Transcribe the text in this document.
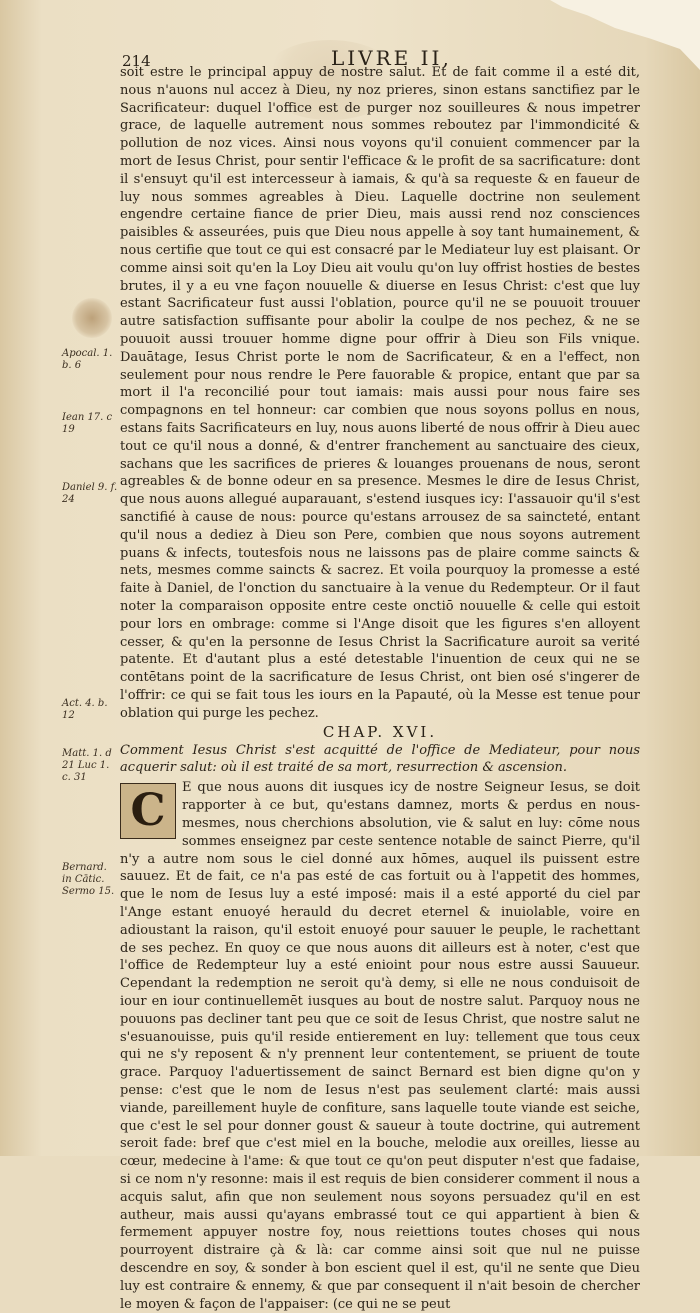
214	LIVRE II,
Apocal. 1. b. 6
Iean 17. c 19
Daniel 9. f. 24
Act. 4. b. 12
Matt. 1. d 21 Luc 1. c. 31
Bernard. in Cātic. Sermo 15.

soit estre le principal appuy de nostre salut. Et de fait comme il a esté dit, nous n'auons nul accez à Dieu, ny noz prieres, sinon estans sanctifiez par le Sacrificateur: duquel l'office est de purger noz souilleures & nous impetrer grace, de laquelle autrement nous sommes reboutez par l'immondicité & pollution de noz vices. Ainsi nous voyons qu'il conuient commencer par la mort de Iesus Christ, pour sentir l'efficace & le profit de sa sacrificature: dont il s'ensuyt qu'il est intercesseur à iamais, & qu'à sa requeste & en faueur de luy nous sommes agreables à Dieu. Laquelle doctrine non seulement engendre certaine fiance de prier Dieu, mais aussi rend noz consciences paisibles & asseurées, puis que Dieu nous appelle à soy tant humainement, & nous certifie que tout ce qui est consacré par le Mediateur luy est plaisant. Or comme ainsi soit qu'en la Loy Dieu ait voulu qu'on luy offrist hosties de bestes brutes, il y a eu vne façon nouuelle & diuerse en Iesus Christ: c'est que luy estant Sacrificateur fust aussi l'oblation, pource qu'il ne se pouuoit trouuer autre satisfaction suffisante pour abolir la coulpe de nos pechez, & ne se pouuoit aussi trouuer homme digne pour offrir à Dieu son Fils vnique. Dauātage, Iesus Christ porte le nom de Sacrificateur, & en a l'effect, non seulement pour nous rendre le Pere fauorable & propice, entant que par sa mort il l'a reconcilié pour tout iamais: mais aussi pour nous faire ses compagnons en tel honneur: car combien que nous soyons pollus en nous, estans faits Sacrificateurs en luy, nous auons liberté de nous offrir à Dieu auec tout ce qu'il nous a donné, & d'entrer franchement au sanctuaire des cieux, sachans que les sacrifices de prieres & louanges prouenans de nous, seront agreables & de bonne odeur en sa presence. Mesmes le dire de Iesus Christ, que nous auons allegué auparauant, s'estend iusques icy: I'assauoir qu'il s'est sanctifié à cause de nous: pource qu'estans arrousez de sa saincteté, entant qu'il nous a dediez à Dieu son Pere, combien que nous soyons autrement puans & infects, toutesfois nous ne laissons pas de plaire comme saincts & nets, mesmes comme saincts & sacrez. Et voila pourquoy la promesse a esté faite à Daniel, de l'onction du sanctuaire à la venue du Redempteur. Or il faut noter la comparaison opposite entre ceste onctiō nouuelle & celle qui estoit pour lors en ombrage: comme si l'Ange disoit que les figures s'en alloyent cesser, & qu'en la personne de Iesus Christ la Sacrificature auroit sa verité patente. Et d'autant plus a esté detestable l'inuention de ceux qui ne se contētans point de la sacrificature de Iesus Christ, ont bien osé s'ingerer de l'offrir: ce qui se fait tous les iours en la Papauté, où la Messe est tenue pour oblation qui purge les pechez.

CHAP. XVI.
Comment Iesus Christ s'est acquitté de l'office de Mediateur, pour nous acquerir salut: où il est traité de sa mort, resurrection & ascension.
C	E que nous auons dit iusques icy de nostre Seigneur Iesus, se doit rapporter à ce but, qu'estans damnez, morts & perdus en nous-mesmes, nous cherchions absolution, vie & salut en luy: cōme nous sommes enseignez par ceste sentence notable de sainct Pierre, qu'il n'y a autre nom sous le ciel donné aux hōmes, auquel ils puissent estre sauuez. Et de fait, ce n'a pas esté de cas fortuit ou à l'appetit des hommes, que le nom de Iesus luy a esté imposé: mais il a esté apporté du ciel par l'Ange estant enuoyé herauld du decret eternel & inuiolable, voire en adioustant la raison, qu'il estoit enuoyé pour sauuer le peuple, le rachettant de ses pechez. En quoy ce que nous auons dit ailleurs est à noter, c'est que l'office de Redempteur luy a esté enioint pour nous estre aussi Sauueur. Cependant la redemption ne seroit qu'à demy, si elle ne nous conduisoit de iour en iour continuellemēt iusques au bout de nostre salut. Parquoy nous ne pouuons pas decliner tant peu que ce soit de Iesus Christ, que nostre salut ne s'esuanouisse, puis qu'il reside entierement en luy: tellement que tous ceux qui ne s'y reposent & n'y prennent leur contentement, se priuent de toute grace. Parquoy l'aduertissement de sainct Bernard est bien digne qu'on y pense: c'est que le nom de Iesus n'est pas seulement clarté: mais aussi viande, pareillement huyle de confiture, sans laquelle toute viande est seiche, que c'est le sel pour donner goust & saueur à toute doctrine, qui autrement seroit fade: bref que c'est miel en la bouche, melodie aux oreilles, liesse au cœur, medecine à l'ame: & que tout ce qu'on peut disputer n'est que fadaise, si ce nom n'y resonne: mais il est requis de bien considerer comment il nous a acquis salut, afin que non seulement nous soyons persuadez qu'il en est autheur, mais aussi qu'ayans embrassé tout ce qui appartient à bien & fermement appuyer nostre foy, nous reiettions toutes choses qui nous pourroyent distraire çà & là: car comme ainsi soit que nul ne puisse descendre en soy, & sonder à bon escient quel il est, qu'il ne sente que Dieu luy est contraire & ennemy, & que par consequent il n'ait besoin de chercher le moyen & façon de l'appaiser: (ce qui ne se peut
